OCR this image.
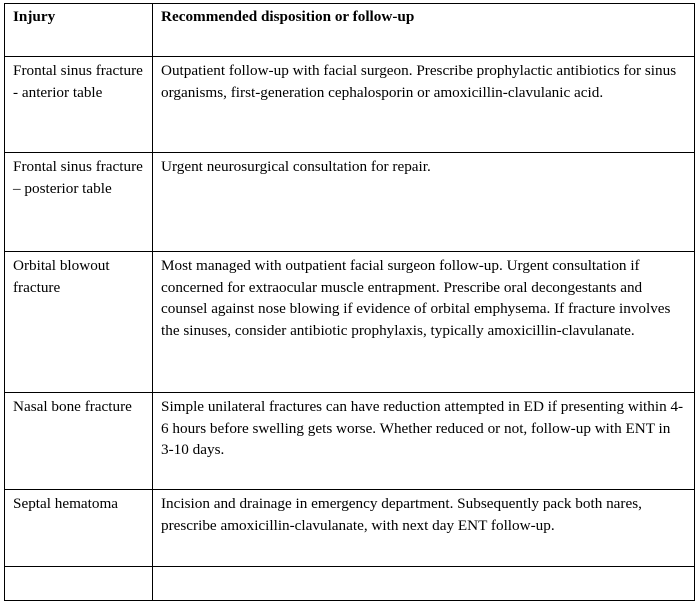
Injury	Recommended disposition or follow-up
Frontal sinus fracture - anterior table	Outpatient follow-up with facial surgeon. Prescribe prophylactic antibiotics for sinus organisms, first-generation cephalosporin or amoxicillin-clavulanic acid.
Frontal sinus fracture – posterior table	Urgent neurosurgical consultation for repair.
Orbital blowout fracture	Most managed with outpatient facial surgeon follow-up. Urgent consultation if concerned for extraocular muscle entrapment. Prescribe oral decongestants and counsel against nose blowing if evidence of orbital emphysema. If fracture involves the sinuses, consider antibiotic prophylaxis, typically amoxicillin-clavulanate.
Nasal bone fracture	Simple unilateral fractures can have reduction attempted in ED if presenting within 4-6 hours before swelling gets worse. Whether reduced or not, follow-up with ENT in 3-10 days.
Septal hematoma	Incision and drainage in emergency department. Subsequently pack both nares, prescribe amoxicillin-clavulanate, with next day ENT follow-up.
